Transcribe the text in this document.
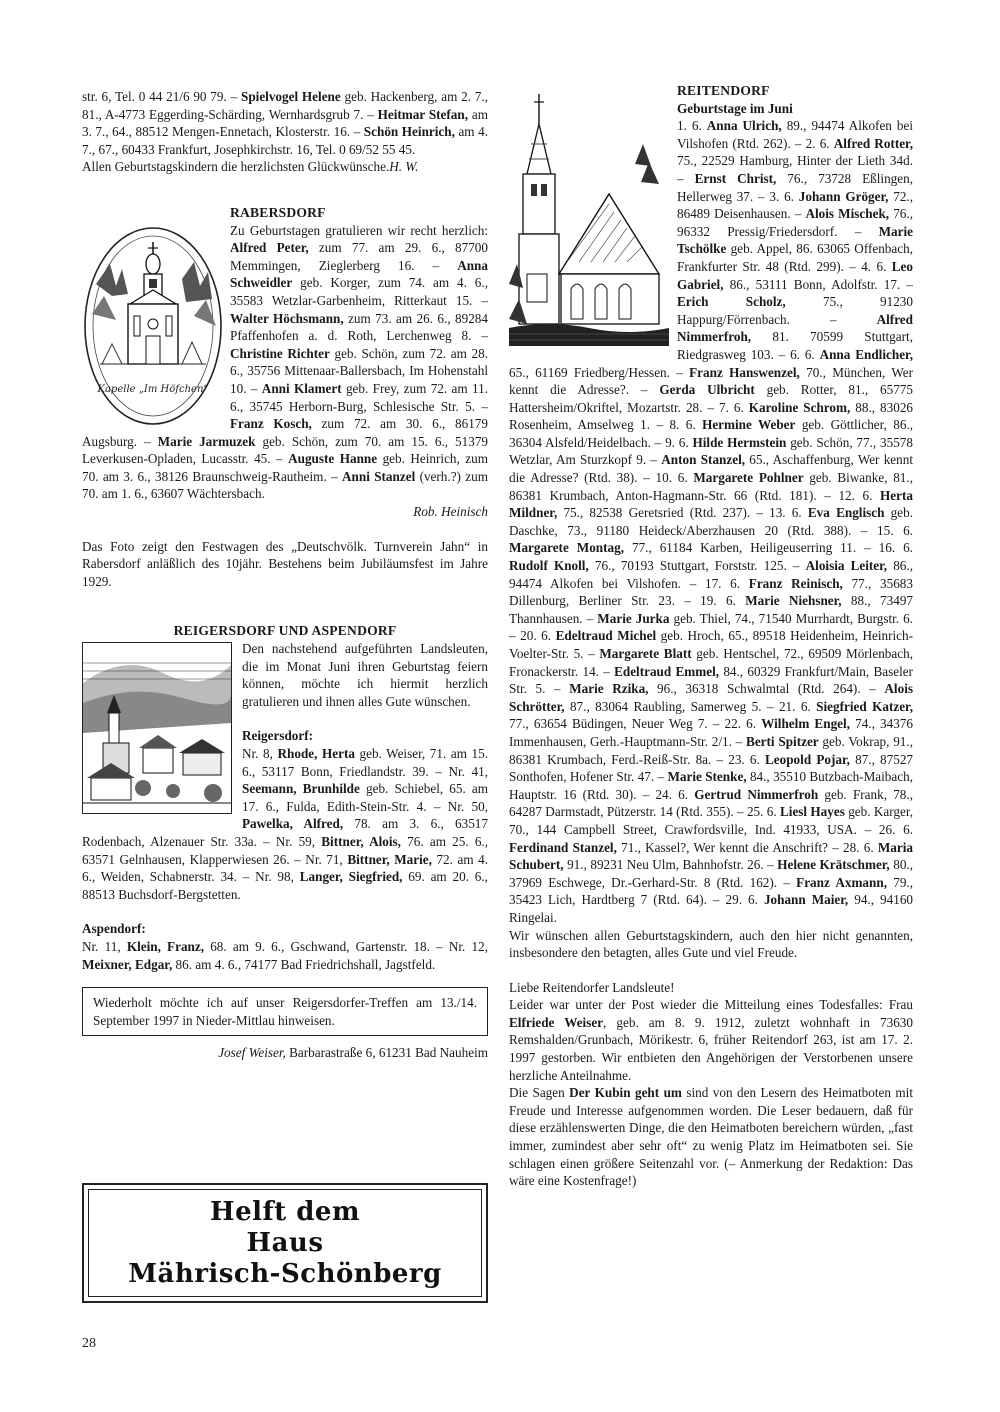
str. 6, Tel. 0 44 21/6 90 79. – Spielvogel Helene geb. Hackenberg, am 2. 7., 81., A-4773 Eggerding-Schärding, Wernhardsgrub 7. – Heitmar Stefan, am 3. 7., 64., 88512 Mengen-Ennetach, Klosterstr. 16. – Schön Heinrich, am 4. 7., 67., 60433 Frankfurt, Josephkirchstr. 16, Tel. 0 69/52 55 45.

Allen Geburtstagskindern die herzlichsten Glückwünsche.H. W.

Kapelle „Im Höfchen“
RABERSDORF

Zu Geburtstagen gratulieren wir recht herzlich: Alfred Peter, zum 77. am 29. 6., 87700 Memmingen, Zieglerberg 16. – Anna Schweidler geb. Korger, zum 74. am 4. 6., 35583 Wetzlar-Garbenheim, Ritterkaut 15. – Walter Höchsmann, zum 73. am 26. 6., 89284 Pfaffenhofen a. d. Roth, Lerchenweg 8. – Christine Richter geb. Schön, zum 72. am 28. 6., 35756 Mittenaar-Ballersbach, Im Hohenstahl 10. – Anni Klamert geb. Frey, zum 72. am 11. 6., 35745 Herborn-Burg, Schlesische Str. 5. – Franz Kosch, zum 72. am 30. 6., 86179 Augsburg. – Marie Jarmuzek geb. Schön, zum 70. am 15. 6., 51379 Leverkusen-Opladen, Lucasstr. 45. – Auguste Hanne geb. Heinrich, zum 70. am 3. 6., 38126 Braunschweig-Rautheim. – Anni Stanzel (verh.?) zum 70. am 1. 6., 63607 Wächtersbach.

Rob. Heinisch

Das Foto zeigt den Festwagen des „Deutschvölk. Turnverein Jahn“ in Rabersdorf anläßlich des 10jähr. Bestehens beim Jubiläumsfest im Jahre 1929.

REIGERSDORF UND ASPENDORF

Den nachstehend aufgeführten Landsleuten, die im Monat Juni ihren Geburtstag feiern können, möchte ich hiermit herzlich gratulieren und ihnen alles Gute wünschen.

Reigersdorf:

Nr. 8, Rhode, Herta geb. Weiser, 71. am 15. 6., 53117 Bonn, Friedlandstr. 39. – Nr. 41, Seemann, Brunhilde geb. Schiebel, 65. am 17. 6., Fulda, Edith-Stein-Str. 4. – Nr. 50, Pawelka, Alfred, 78. am 3. 6., 63517 Rodenbach, Alzenauer Str. 33a. – Nr. 59, Bittner, Alois, 76. am 25. 6., 63571 Gelnhausen, Klapperwiesen 26. – Nr. 71, Bittner, Marie, 72. am 4. 6., Weiden, Schabnerstr. 34. – Nr. 98, Langer, Siegfried, 69. am 20. 6., 88513 Buchsdorf-Bergstetten.

Aspendorf:

Nr. 11, Klein, Franz, 68. am 9. 6., Gschwand, Gartenstr. 18. – Nr. 12, Meixner, Edgar, 86. am 4. 6., 74177 Bad Friedrichshall, Jagstfeld.

Wiederholt möchte ich auf unser Reigersdorfer-Treffen am 13./14. September 1997 in Nieder-Mittlau hinweisen.

Josef Weiser, Barbarastraße 6, 61231 Bad Nauheim

Helft dem
Haus
Mährisch-Schönberg
REITENDORF
Geburtstage im Juni

1. 6. Anna Ulrich, 89., 94474 Alkofen bei Vilshofen (Rtd. 262). – 2. 6. Alfred Rotter, 75., 22529 Hamburg, Hinter der Lieth 34d. – Ernst Christ, 76., 73728 Eßlingen, Hellerweg 37. – 3. 6. Johann Gröger, 72., 86489 Deisenhausen. – Alois Mischek, 76., 96332 Pressig/Friedersdorf. – Marie Tschölke geb. Appel, 86. 63065 Offenbach, Frankfurter Str. 48 (Rtd. 299). – 4. 6. Leo Gabriel, 86., 53111 Bonn, Adolfstr. 17. – Erich Scholz, 75., 91230 Happurg/Förrenbach. – Alfred Nimmerfroh, 81. 70599 Stuttgart, Riedgrasweg 103. – 6. 6. Anna Endlicher, 65., 61169 Friedberg/Hessen. – Franz Hanswenzel, 70., München, Wer kennt die Adresse?. – Gerda Ulbricht geb. Rotter, 81., 65775 Hattersheim/Okriftel, Mozartstr. 28. – 7. 6. Karoline Schrom, 88., 83026 Rosenheim, Amselweg 1. – 8. 6. Hermine Weber geb. Göttlicher, 86., 36304 Alsfeld/Heidelbach. – 9. 6. Hilde Hermstein geb. Schön, 77., 35578 Wetzlar, Am Sturzkopf 9. – Anton Stanzel, 65., Aschaffenburg, Wer kennt die Adresse? (Rtd. 38). – 10. 6. Margarete Pohlner geb. Biwanke, 81., 86381 Krumbach, Anton-Hagmann-Str. 66 (Rtd. 181). – 12. 6. Herta Mildner, 75., 82538 Geretsried (Rtd. 237). – 13. 6. Eva Englisch geb. Daschke, 73., 91180 Heideck/Aberzhausen 20 (Rtd. 388). – 15. 6. Margarete Montag, 77., 61184 Karben, Heiligeuserring 11. – 16. 6. Rudolf Knoll, 76., 70193 Stuttgart, Forststr. 125. – Aloisia Leiter, 86., 94474 Alkofen bei Vilshofen. – 17. 6. Franz Reinisch, 77., 35683 Dillenburg, Berliner Str. 23. – 19. 6. Marie Niehsner, 88., 73497 Thannhausen. – Marie Jurka geb. Thiel, 74., 71540 Murrhardt, Burgstr. 6. – 20. 6. Edeltraud Michel geb. Hroch, 65., 89518 Heidenheim, Heinrich-Voelter-Str. 5. – Margarete Blatt geb. Hentschel, 72., 69509 Mörlenbach, Fronackerstr. 14. – Edeltraud Emmel, 84., 60329 Frankfurt/Main, Baseler Str. 5. – Marie Rzika, 96., 36318 Schwalmtal (Rtd. 264). – Alois Schrötter, 87., 83064 Raubling, Samerweg 5. – 21. 6. Siegfried Katzer, 77., 63654 Büdingen, Neuer Weg 7. – 22. 6. Wilhelm Engel, 74., 34376 Immenhausen, Gerh.-Hauptmann-Str. 2/1. – Berti Spitzer geb. Vokrap, 91., 86381 Krumbach, Ferd.-Reiß-Str. 8a. – 23. 6. Leopold Pojar, 87., 87527 Sonthofen, Hofener Str. 47. – Marie Stenke, 84., 35510 Butzbach-Maibach, Hauptstr. 16 (Rtd. 30). – 24. 6. Gertrud Nimmerfroh geb. Frank, 78., 64287 Darmstadt, Pützerstr. 14 (Rtd. 355). – 25. 6. Liesl Hayes geb. Karger, 70., 144 Campbell Street, Crawfordsville, Ind. 41933, USA. – 26. 6. Ferdinand Stanzel, 71., Kassel?, Wer kennt die Anschrift? – 28. 6. Maria Schubert, 91., 89231 Neu Ulm, Bahnhofstr. 26. – Helene Krätschmer, 80., 37969 Eschwege, Dr.-Gerhard-Str. 8 (Rtd. 162). – Franz Axmann, 79., 35423 Lich, Hardtberg 7 (Rtd. 64). – 29. 6. Johann Maier, 94., 94160 Ringelai.

Wir wünschen allen Geburtstagskindern, auch den hier nicht genannten, insbesondere den betagten, alles Gute und viel Freude.

Liebe Reitendorfer Landsleute!

Leider war unter der Post wieder die Mitteilung eines Todesfalles: Frau Elfriede Weiser, geb. am 8. 9. 1912, zuletzt wohnhaft in 73630 Remshalden/Grunbach, Mörikestr. 6, früher Reitendorf 263, ist am 17. 2. 1997 gestorben. Wir entbieten den Angehörigen der Verstorbenen unsere herzliche Anteilnahme.

Die Sagen Der Kubin geht um sind von den Lesern des Heimatboten mit Freude und Interesse aufgenommen worden. Die Leser bedauern, daß für diese erzählenswerten Dinge, die den Heimatboten bereichern würden, „fast immer, zumindest aber sehr oft“ zu wenig Platz im Heimatboten sei. Sie schlagen einen größere Seitenzahl vor. (– Anmerkung der Redaktion: Das wäre eine Kostenfrage!)

28
